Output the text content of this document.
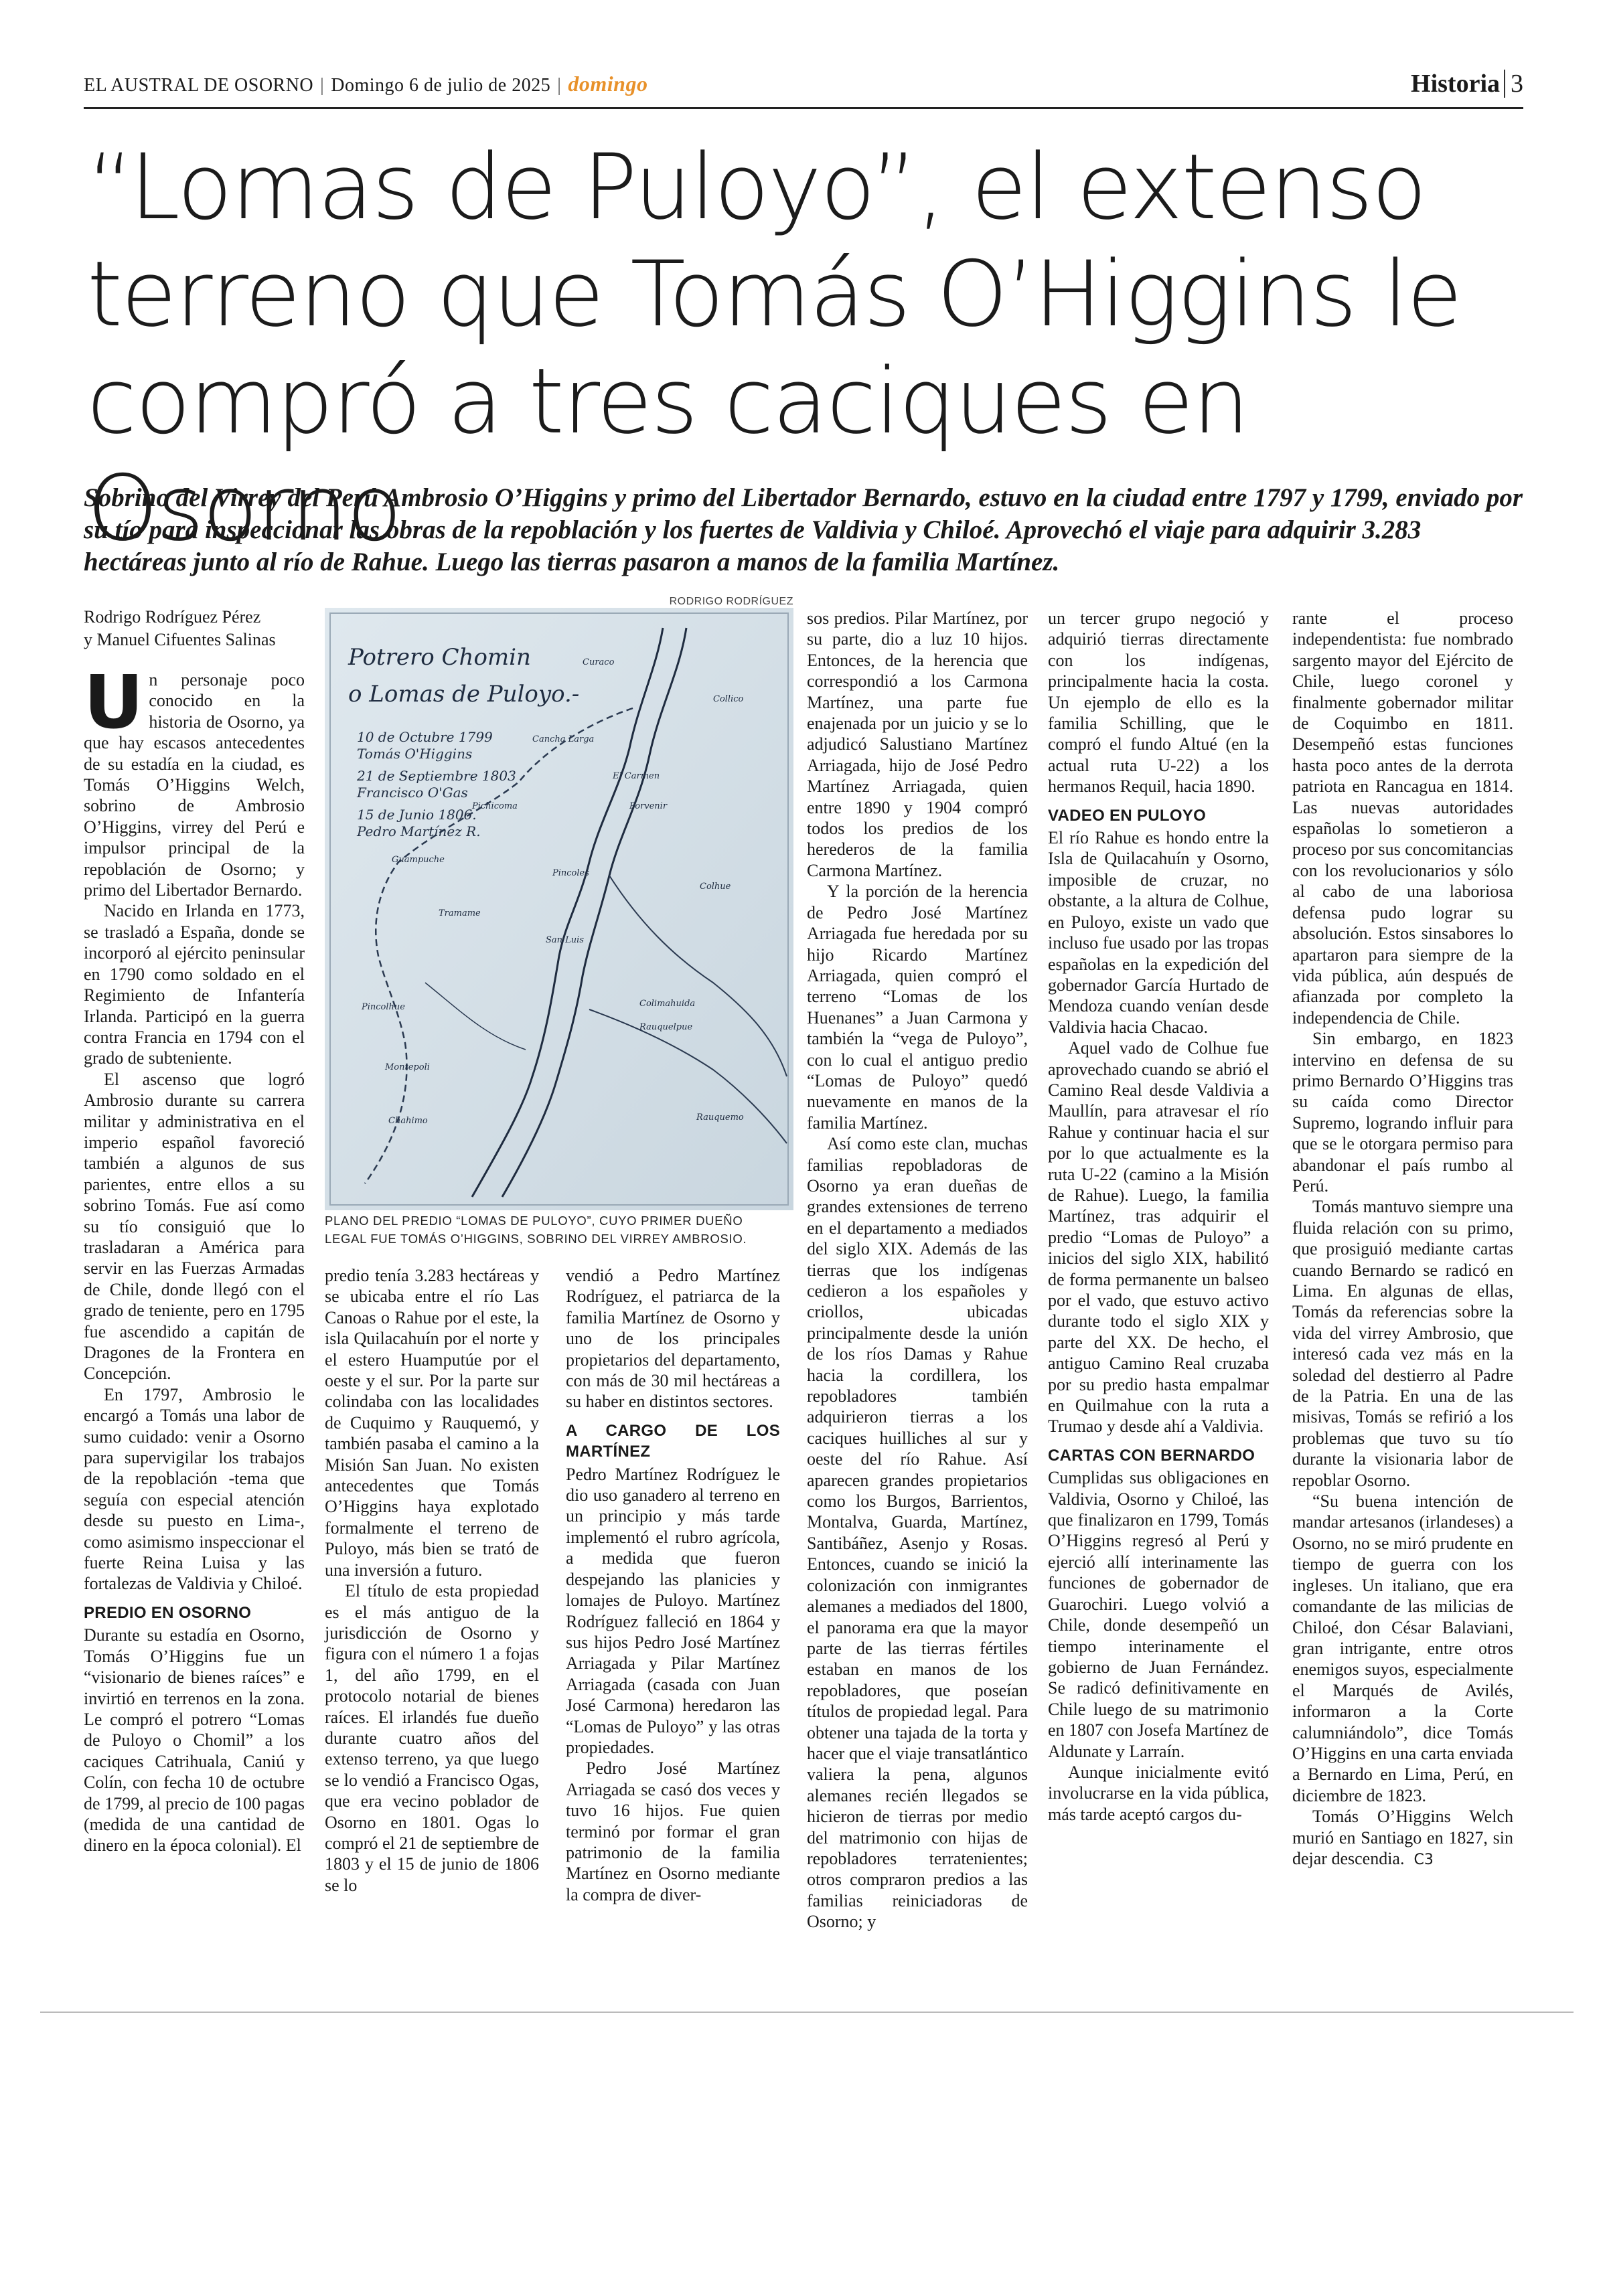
EL AUSTRAL DE OSORNO | Domingo 6 de julio de 2025 | domingo	Historia 3
“Lomas de Puloyo”, el extenso terreno que Tomás O’Higgins le compró a tres caciques en Osorno

Sobrino del Virrey del Perú Ambrosio O’Higgins y primo del Libertador Bernardo, estuvo en la ciudad entre 1797 y 1799, enviado por su tío para inspeccionar las obras de la repoblación y los fuertes de Valdivia y Chiloé. Aprovechó el viaje para adquirir 3.283 hectáreas junto al río de Rahue. Luego las tierras pasaron a manos de la familia Martínez.

Rodrigo Rodríguez Pérez
y Manuel Cifuentes Salinas
RODRIGO RODRÍGUEZ
Potrero Chomin
o Lomas de Puloyo.-
10 de Octubre 1799
Tomás O'Higgins
21 de Septiembre 1803
Francisco O'Gas
15 de Junio 1806.
Pedro Martínez R.
Curaco
Collico
Cancha Larga
Pichicoma
El Carmen
Porvenir
Guampuche
Pincoles
Colhue
Tramame
San Luis
Pincolhue	Colimahuida
Rauquelpue
Chahimo	Rauquemo
Montepoli
PLANO DEL PREDIO “LOMAS DE PULOYO”, CUYO PRIMER DUEÑO LEGAL FUE TOMÁS O’HIGGINS, SOBRINO DEL VIRREY AMBROSIO.

Un personaje poco conocido en la historia de Osorno, ya que hay escasos antecedentes de su estadía en la ciudad, es Tomás O’Higgins Welch, sobrino de Ambrosio O’Higgins, virrey del Perú e impulsor principal de la repoblación de Osorno; y primo del Libertador Bernardo.

Nacido en Irlanda en 1773, se trasladó a España, donde se incorporó al ejército peninsular en 1790 como soldado en el Regimiento de Infantería Irlanda. Participó en la guerra contra Francia en 1794 con el grado de subteniente.

El ascenso que logró Ambrosio durante su carrera militar y administrativa en el imperio español favoreció también a algunos de sus parientes, entre ellos a su sobrino Tomás. Fue así como su tío consiguió que lo trasladaran a América para servir en las Fuerzas Armadas de Chile, donde llegó con el grado de teniente, pero en 1795 fue ascendido a capitán de Dragones de la Frontera en Concepción.

En 1797, Ambrosio le encargó a Tomás una labor de sumo cuidado: venir a Osorno para supervigilar los trabajos de la repoblación -tema que seguía con especial atención desde su puesto en Lima-, como asimismo inspeccionar el fuerte Reina Luisa y las fortalezas de Valdivia y Chiloé.

PREDIO EN OSORNO

Durante su estadía en Osorno, Tomás O’Higgins fue un “visionario de bienes raíces” e invirtió en terrenos en la zona. Le compró el potrero “Lomas de Puloyo o Chomil” a los caciques Catrihuala, Caniú y Colín, con fecha 10 de octubre de 1799, al precio de 100 pagas (medida de una cantidad de dinero en la época colonial). El

predio tenía 3.283 hectáreas y se ubicaba entre el río Las Canoas o Rahue por el este, la isla Quilacahuín por el norte y el estero Huamputúe por el oeste y el sur. Por la parte sur colindaba con las localidades de Cuquimo y Rauquemó, y también pasaba el camino a la Misión San Juan. No existen antecedentes que Tomás O’Higgins haya explotado formalmente el terreno de Puloyo, más bien se trató de una inversión a futuro.

El título de esta propiedad es el más antiguo de la jurisdicción de Osorno y figura con el número 1 a fojas 1, del año 1799, en el protocolo notarial de bienes raíces. El irlandés fue dueño durante cuatro años del extenso terreno, ya que luego se lo vendió a Francisco Ogas, que era vecino poblador de Osorno en 1801. Ogas lo compró el 21 de septiembre de 1803 y el 15 de junio de 1806 se lo

vendió a Pedro Martínez Rodríguez, el patriarca de la familia Martínez de Osorno y uno de los principales propietarios del departamento, con más de 30 mil hectáreas a su haber en distintos sectores.

A CARGO DE LOS MARTÍNEZ

Pedro Martínez Rodríguez le dio uso ganadero al terreno en un principio y más tarde implementó el rubro agrícola, a medida que fueron despejando las planicies y lomajes de Puloyo. Martínez Rodríguez falleció en 1864 y sus hijos Pedro José Martínez Arriagada y Pilar Martínez Arriagada (casada con Juan José Carmona) heredaron las “Lomas de Puloyo” y las otras propiedades.

Pedro José Martínez Arriagada se casó dos veces y tuvo 16 hijos. Fue quien terminó por formar el gran patrimonio de la familia Martínez en Osorno mediante la compra de diver-

sos predios. Pilar Martínez, por su parte, dio a luz 10 hijos. Entonces, de la herencia que correspondió a los Carmona Martínez, una parte fue enajenada por un juicio y se lo adjudicó Salustiano Martínez Arriagada, hijo de José Pedro Martínez Arriagada, quien entre 1890 y 1904 compró todos los predios de los herederos de la familia Carmona Martínez.

Y la porción de la herencia de Pedro José Martínez Arriagada fue heredada por su hijo Ricardo Martínez Arriagada, quien compró el terreno “Lomas de los Huenanes” a Juan Carmona y también la “vega de Puloyo”, con lo cual el antiguo predio “Lomas de Puloyo” quedó nuevamente en manos de la familia Martínez.

Así como este clan, muchas familias repobladoras de Osorno ya eran dueñas de grandes extensiones de terreno en el departamento a mediados del siglo XIX. Además de las tierras que los indígenas cedieron a los españoles y criollos, ubicadas principalmente desde la unión de los ríos Damas y Rahue hacia la cordillera, los repobladores también adquirieron tierras a los caciques huilliches al sur y oeste del río Rahue. Así aparecen grandes propietarios como los Burgos, Barrientos, Montalva, Guarda, Martínez, Santibáñez, Asenjo y Rosas. Entonces, cuando se inició la colonización con inmigrantes alemanes a mediados del 1800, el panorama era que la mayor parte de las tierras fértiles estaban en manos de los repobladores, que poseían títulos de propiedad legal. Para obtener una tajada de la torta y hacer que el viaje transatlántico valiera la pena, algunos alemanes recién llegados se hicieron de tierras por medio del matrimonio con hijas de repobladores terratenientes; otros compraron predios a las familias reiniciadoras de Osorno; y

un tercer grupo negoció y adquirió tierras directamente con los indígenas, principalmente hacia la costa. Un ejemplo de ello es la familia Schilling, que le compró el fundo Altué (en la actual ruta U-22) a los hermanos Requil, hacia 1890.

VADEO EN PULOYO

El río Rahue es hondo entre la Isla de Quilacahuín y Osorno, imposible de cruzar, no obstante, a la altura de Colhue, en Puloyo, existe un vado que incluso fue usado por las tropas españolas en la expedición del gobernador García Hurtado de Mendoza cuando venían desde Valdivia hacia Chacao.

Aquel vado de Colhue fue aprovechado cuando se abrió el Camino Real desde Valdivia a Maullín, para atravesar el río Rahue y continuar hacia el sur por lo que actualmente es la ruta U-22 (camino a la Misión de Rahue). Luego, la familia Martínez, tras adquirir el predio “Lomas de Puloyo” a inicios del siglo XIX, habilitó de forma permanente un balseo por el vado, que estuvo activo durante todo el siglo XIX y parte del XX. De hecho, el antiguo Camino Real cruzaba por su predio hasta empalmar en Quilmahue con la ruta a Trumao y desde ahí a Valdivia.

CARTAS CON BERNARDO

Cumplidas sus obligaciones en Valdivia, Osorno y Chiloé, las que finalizaron en 1799, Tomás O’Higgins regresó al Perú y ejerció allí interinamente las funciones de gobernador de Guarochiri. Luego volvió a Chile, donde desempeñó un tiempo interinamente el gobierno de Juan Fernández. Se radicó definitivamente en Chile luego de su matrimonio en 1807 con Josefa Martínez de Aldunate y Larraín.

Aunque inicialmente evitó involucrarse en la vida pública, más tarde aceptó cargos du-

rante el proceso independentista: fue nombrado sargento mayor del Ejército de Chile, luego coronel y finalmente gobernador militar de Coquimbo en 1811. Desempeñó estas funciones hasta poco antes de la derrota patriota en Rancagua en 1814. Las nuevas autoridades españolas lo sometieron a proceso por sus concomitancias con los revolucionarios y sólo al cabo de una laboriosa defensa pudo lograr su absolución. Estos sinsabores lo apartaron para siempre de la vida pública, aún después de afianzada por completo la independencia de Chile.

Sin embargo, en 1823 intervino en defensa de su primo Bernardo O’Higgins tras su caída como Director Supremo, logrando influir para que se le otorgara permiso para abandonar el país rumbo al Perú.

Tomás mantuvo siempre una fluida relación con su primo, que prosiguió mediante cartas cuando Bernardo se radicó en Lima. En algunas de ellas, Tomás da referencias sobre la vida del virrey Ambrosio, que interesó cada vez más en la soledad del destierro al Padre de la Patria. En una de las misivas, Tomás se refirió a los problemas que tuvo su tío durante la visionaria labor de repoblar Osorno.

“Su buena intención de mandar artesanos (irlandeses) a Osorno, no se miró prudente en tiempo de guerra con los ingleses. Un italiano, que era comandante de las milicias de Chiloé, don César Balaviani, gran intrigante, entre otros enemigos suyos, especialmente el Marqués de Avilés, informaron a la Corte calumniándolo”, dice Tomás O’Higgins en una carta enviada a Bernardo en Lima, Perú, en diciembre de 1823.

Tomás O’Higgins Welch murió en Santiago en 1827, sin dejar descendia. C3
